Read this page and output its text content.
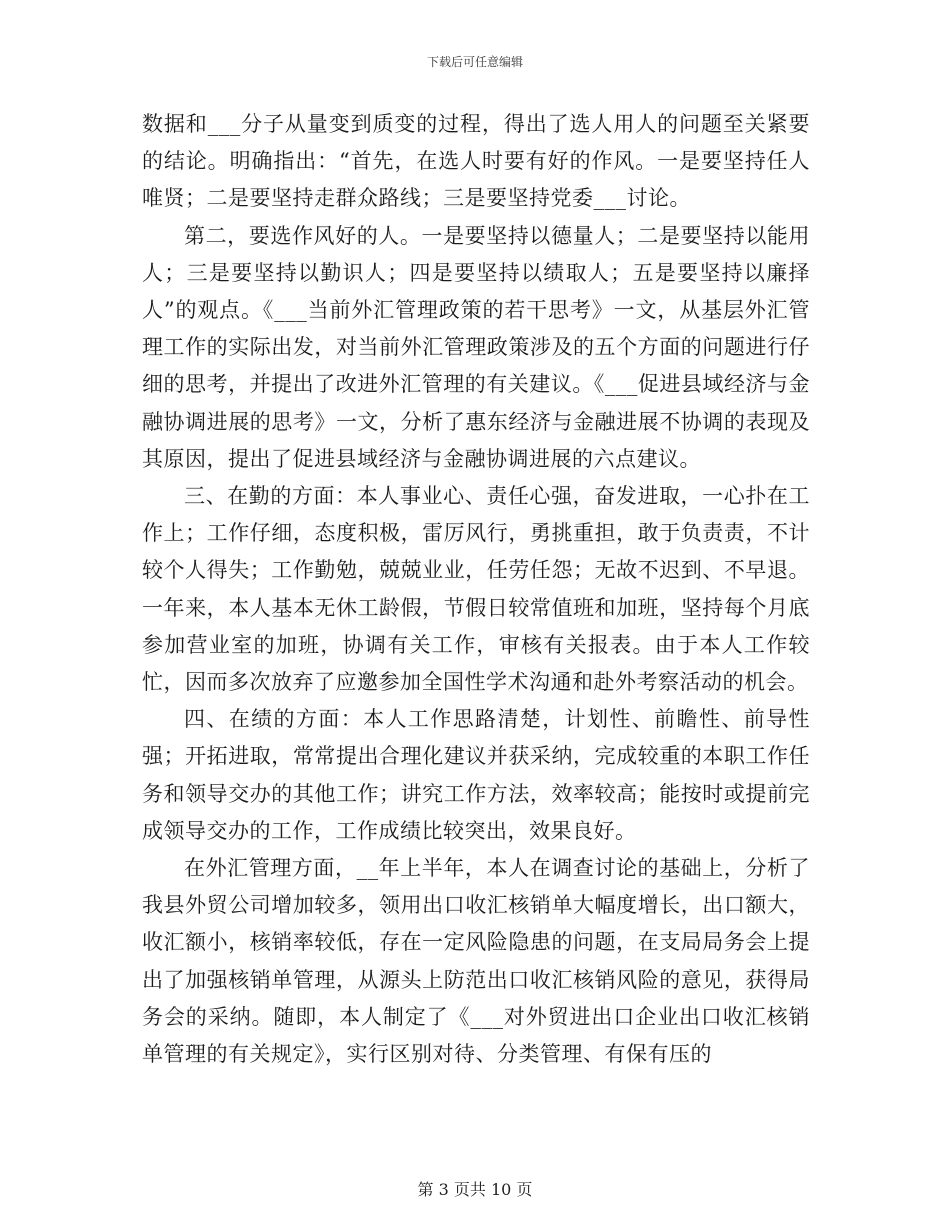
下载后可任意编辑

数据和___分子从量变到质变的过程，得出了选人用人的问题至关紧要的结论。明确指出：“首先，在选人时要有好的作风。一是要坚持任人唯贤；二是要坚持走群众路线；三是要坚持党委___讨论。

第二，要选作风好的人。一是要坚持以德量人；二是要坚持以能用人；三是要坚持以勤识人；四是要坚持以绩取人；五是要坚持以廉择人”的观点。《___当前外汇管理政策的若干思考》一文，从基层外汇管理工作的实际出发，对当前外汇管理政策涉及的五个方面的问题进行仔细的思考，并提出了改进外汇管理的有关建议。《___促进县域经济与金融协调进展的思考》一文，分析了惠东经济与金融进展不协调的表现及其原因，提出了促进县域经济与金融协调进展的六点建议。

三、在勤的方面：本人事业心、责任心强，奋发进取，一心扑在工作上；工作仔细，态度积极，雷厉风行，勇挑重担，敢于负责责，不计较个人得失；工作勤勉，兢兢业业，任劳任怨；无故不迟到、不早退。一年来，本人基本无休工龄假，节假日较常值班和加班，坚持每个月底参加营业室的加班，协调有关工作，审核有关报表。由于本人工作较忙，因而多次放弃了应邀参加全国性学术沟通和赴外考察活动的机会。

四、在绩的方面：本人工作思路清楚，计划性、前瞻性、前导性强；开拓进取，常常提出合理化建议并获采纳，完成较重的本职工作任务和领导交办的其他工作；讲究工作方法，效率较高；能按时或提前完成领导交办的工作，工作成绩比较突出，效果良好。

在外汇管理方面，__年上半年，本人在调查讨论的基础上，分析了我县外贸公司增加较多，领用出口收汇核销单大幅度增长，出口额大，收汇额小，核销率较低，存在一定风险隐患的问题，在支局局务会上提出了加强核销单管理，从源头上防范出口收汇核销风险的意见，获得局务会的采纳。随即，本人制定了《___对外贸进出口企业出口收汇核销单管理的有关规定》，实行区别对待、分类管理、有保有压的

第 3 页共 10 页
